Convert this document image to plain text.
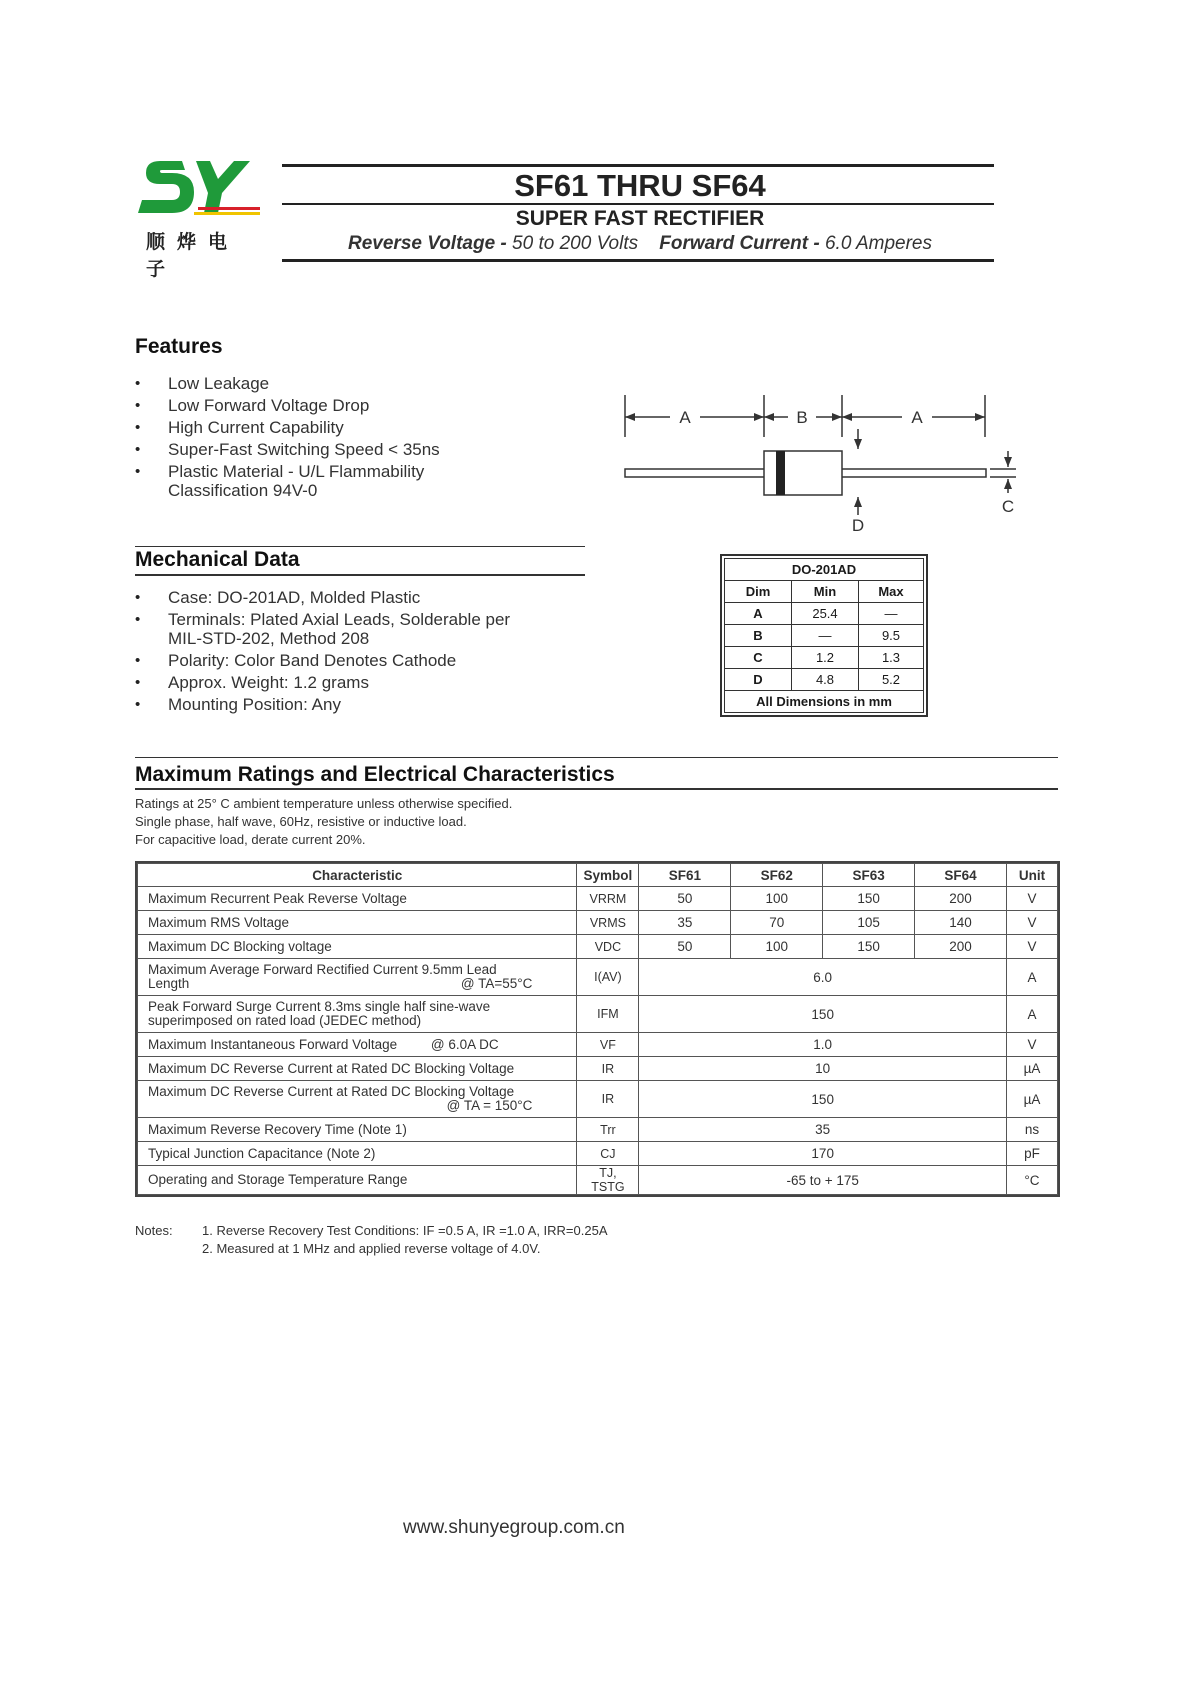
顺烨电子
SF61 THRU SF64
SUPER FAST RECTIFIER
Reverse Voltage - 50 to 200 Volts Forward Current - 6.0 Amperes
Features
• Low Leakage
• Low Forward Voltage Drop
• High Current Capability
• Super-Fast Switching Speed < 35ns
• Plastic Material - U/L Flammability
Classification 94V-0
A	B	A
C
D
Mechanical Data
• Case: DO-201AD, Molded Plastic
• Terminals: Plated Axial Leads, Solderable per
MIL-STD-202, Method 208
• Polarity: Color Band Denotes Cathode
• Approx. Weight: 1.2 grams
• Mounting Position: Any
DO-201AD		
Dim	Min	Max
A	25.4	—
B	—	9.5
C	1.2	1.3
D	4.8	5.2
All Dimensions in mm		
Maximum Ratings and Electrical Characteristics
Ratings at 25° C ambient temperature unless otherwise specified.
Single phase, half wave, 60Hz, resistive or inductive load.
For capacitive load, derate current 20%.
Characteristic	Symbol	SF61	SF62	SF63	SF64	Unit
Maximum Recurrent Peak Reverse Voltage	VRRM	50	100	150	200	V
Maximum RMS Voltage	VRMS	35	70	105	140	V
Maximum DC Blocking voltage	VDC	50	100	150	200	V

Maximum Average Forward Rectified Current 9.5mm Lead
Length @ TA=55°C	I(AV)	6.0				A

Peak Forward Surge Current 8.3ms single half sine-wave
superimposed on rated load (JEDEC method)	IFM	150				A
Maximum Instantaneous Forward Voltage @ 6.0A DC	VF	1.0				V
Maximum DC Reverse Current at Rated DC Blocking Voltage	IR	10				µA

Maximum DC Reverse Current at Rated DC Blocking Voltage
@ TA = 150°C	IR	150				µA
Maximum Reverse Recovery Time (Note 1)	Trr	35				ns
Typical Junction Capacitance (Note 2)	CJ	170				pF
Operating and Storage Temperature Range	TJ, TSTG	-65 to + 175				°C
Notes: 1. Reverse Recovery Test Conditions: IF =0.5 A, IR =1.0 A, IRR=0.25A
2. Measured at 1 MHz and applied reverse voltage of 4.0V.
www.shunyegroup.com.cn
